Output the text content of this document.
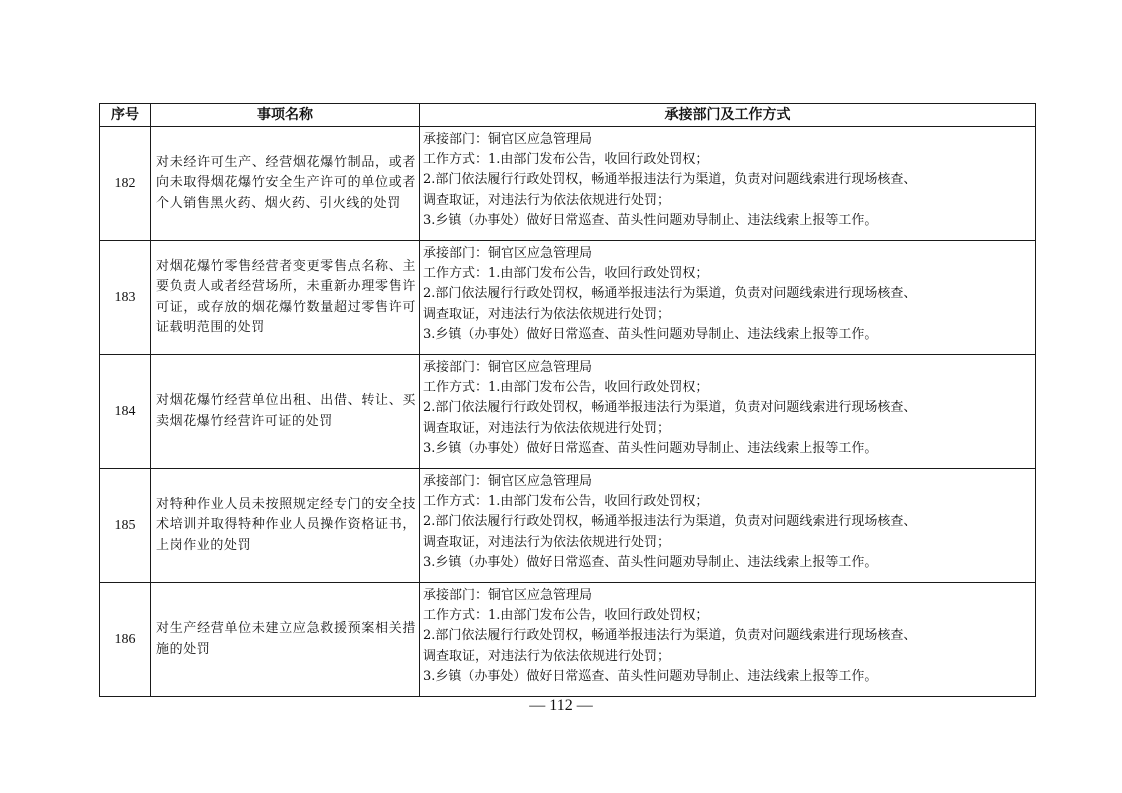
序号	事项名称	承接部门及工作方式
182	对未经许可生产、经营烟花爆竹制品，或者向未取得烟花爆竹安全生产许可的单位或者个人销售黑火药、烟火药、引火线的处罚	承接部门：铜官区应急管理局
工作方式：1.由部门发布公告，收回行政处罚权；
2.部门依法履行行政处罚权，畅通举报违法行为渠道，负责对问题线索进行现场核查、
调查取证，对违法行为依法依规进行处罚；
3.乡镇（办事处）做好日常巡查、苗头性问题劝导制止、违法线索上报等工作。

183	对烟花爆竹零售经营者变更零售点名称、主要负责人或者经营场所，未重新办理零售许可证，或存放的烟花爆竹数量超过零售许可证载明范围的处罚	承接部门：铜官区应急管理局
工作方式：1.由部门发布公告，收回行政处罚权；
2.部门依法履行行政处罚权，畅通举报违法行为渠道，负责对问题线索进行现场核查、
调查取证，对违法行为依法依规进行处罚；
3.乡镇（办事处）做好日常巡查、苗头性问题劝导制止、违法线索上报等工作。

184	对烟花爆竹经营单位出租、出借、转让、买卖烟花爆竹经营许可证的处罚	承接部门：铜官区应急管理局
工作方式：1.由部门发布公告，收回行政处罚权；
2.部门依法履行行政处罚权，畅通举报违法行为渠道，负责对问题线索进行现场核查、
调查取证，对违法行为依法依规进行处罚；
3.乡镇（办事处）做好日常巡查、苗头性问题劝导制止、违法线索上报等工作。

185	对特种作业人员未按照规定经专门的安全技术培训并取得特种作业人员操作资格证书，上岗作业的处罚	承接部门：铜官区应急管理局
工作方式：1.由部门发布公告，收回行政处罚权；
2.部门依法履行行政处罚权，畅通举报违法行为渠道，负责对问题线索进行现场核查、
调查取证，对违法行为依法依规进行处罚；
3.乡镇（办事处）做好日常巡查、苗头性问题劝导制止、违法线索上报等工作。

186	对生产经营单位未建立应急救援预案相关措施的处罚	承接部门：铜官区应急管理局
工作方式：1.由部门发布公告，收回行政处罚权；
2.部门依法履行行政处罚权，畅通举报违法行为渠道，负责对问题线索进行现场核查、
调查取证，对违法行为依法依规进行处罚；
3.乡镇（办事处）做好日常巡查、苗头性问题劝导制止、违法线索上报等工作。
— 112 —
